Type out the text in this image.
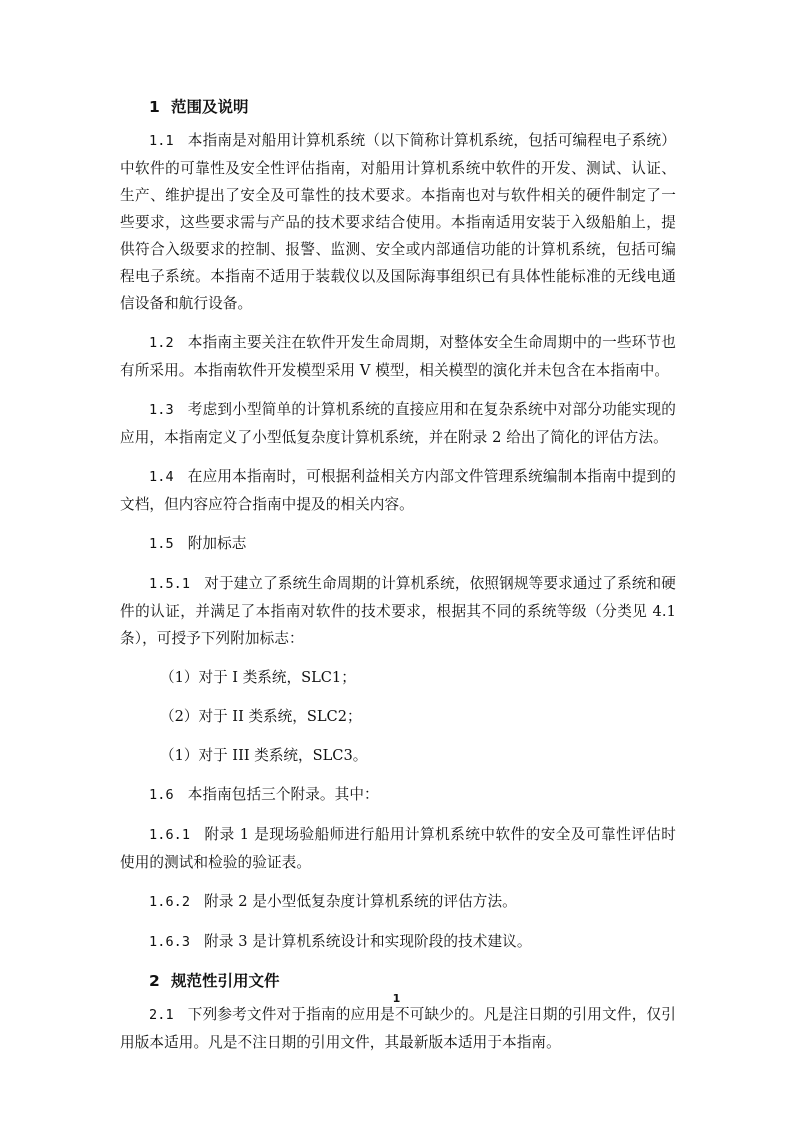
1 范围及说明

1.1 本指南是对船用计算机系统（以下简称计算机系统，包括可编程电子系统）中软件的可靠性及安全性评估指南，对船用计算机系统中软件的开发、测试、认证、生产、维护提出了安全及可靠性的技术要求。本指南也对与软件相关的硬件制定了一些要求，这些要求需与产品的技术要求结合使用。本指南适用安装于入级船舶上，提供符合入级要求的控制、报警、监测、安全或内部通信功能的计算机系统，包括可编程电子系统。本指南不适用于装载仪以及国际海事组织已有具体性能标准的无线电通信设备和航行设备。

1.2 本指南主要关注在软件开发生命周期，对整体安全生命周期中的一些环节也有所采用。本指南软件开发模型采用 V 模型，相关模型的演化并未包含在本指南中。

1.3 考虑到小型简单的计算机系统的直接应用和在复杂系统中对部分功能实现的应用，本指南定义了小型低复杂度计算机系统，并在附录 2 给出了简化的评估方法。

1.4 在应用本指南时，可根据利益相关方内部文件管理系统编制本指南中提到的文档，但内容应符合指南中提及的相关内容。

1.5 附加标志

1.5.1 对于建立了系统生命周期的计算机系统，依照钢规等要求通过了系统和硬件的认证，并满足了本指南对软件的技术要求，根据其不同的系统等级（分类见 4.1 条），可授予下列附加标志：

（1）对于 I 类系统，SLC1；
（2）对于 II 类系统，SLC2；
（1）对于 III 类系统，SLC3。

1.6 本指南包括三个附录。其中：

1.6.1 附录 1 是现场验船师进行船用计算机系统中软件的安全及可靠性评估时使用的测试和检验的验证表。

1.6.2 附录 2 是小型低复杂度计算机系统的评估方法。

1.6.3 附录 3 是计算机系统设计和实现阶段的技术建议。

2 规范性引用文件

2.1 下列参考文件对于指南的应用是不可缺少的。凡是注日期的引用文件，仅引用版本适用。凡是不注日期的引用文件，其最新版本适用于本指南。

1
